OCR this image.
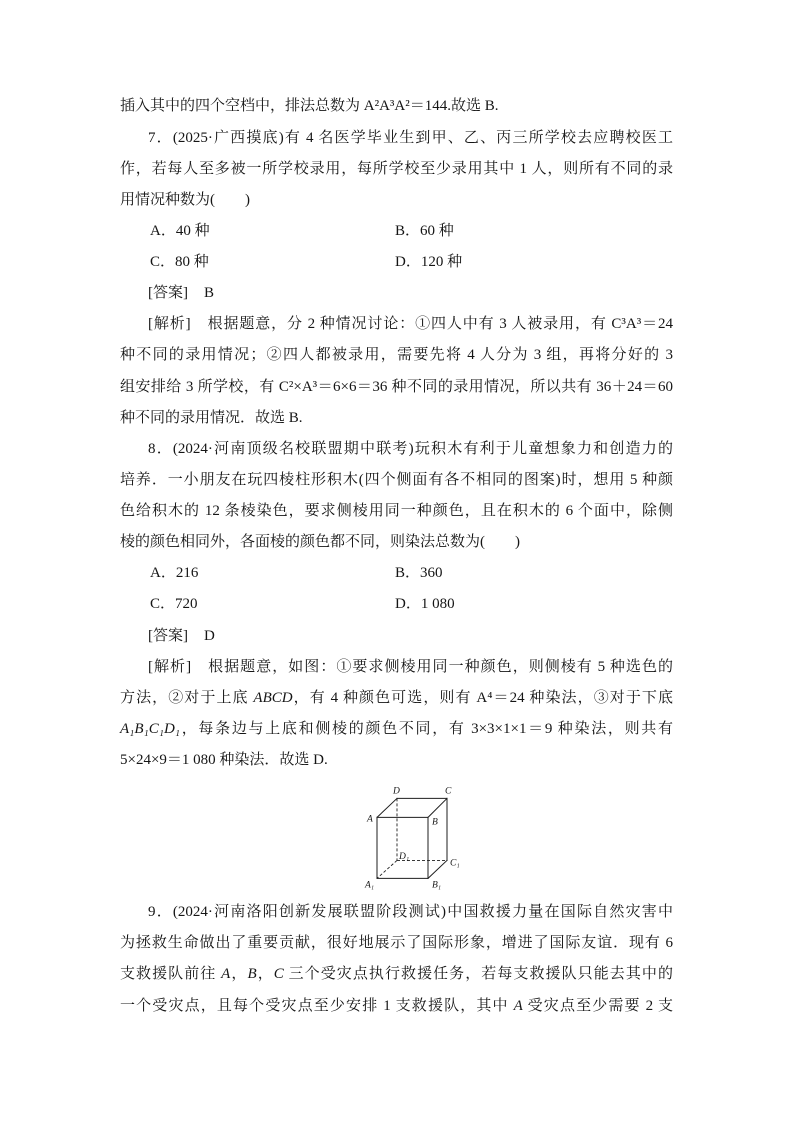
插入其中的四个空档中，排法总数为 A²A³A²＝144.故选 B.
7．(2025·广西摸底)有 4 名医学毕业生到甲、乙、丙三所学校去应聘校医工
作，若每人至多被一所学校录用，每所学校至少录用其中 1 人，则所有不同的录
用情况种数为(　　)
A．40 种	B．60 种
C．80 种	D．120 种
[答案] B
[解析] 根据题意，分 2 种情况讨论：①四人中有 3 人被录用，有 C³A³＝24
种不同的录用情况；②四人都被录用，需要先将 4 人分为 3 组，再将分好的 3
组安排给 3 所学校，有 C²×A³＝6×6＝36 种不同的录用情况，所以共有 36＋24＝60
种不同的录用情况．故选 B.
8．(2024·河南顶级名校联盟期中联考)玩积木有利于儿童想象力和创造力的
培养．一小朋友在玩四棱柱形积木(四个侧面有各不相同的图案)时，想用 5 种颜
色给积木的 12 条棱染色，要求侧棱用同一种颜色，且在积木的 6 个面中，除侧
棱的颜色相同外，各面棱的颜色都不同，则染法总数为(　　)
A．216	B．360
C．720	D．1 080
[答案] D
[解析] 根据题意，如图：①要求侧棱用同一种颜色，则侧棱有 5 种选色的
方法，②对于上底 ABCD，有 4 种颜色可选，则有 A⁴＝24 种染法，③对于下底
A₁B₁C₁D₁，每条边与上底和侧棱的颜色不同，有 3×3×1×1＝9 种染法，则共有
5×24×9＝1 080 种染法．故选 D.
D	C
A	B
D₁
C₁
A₁	B₁
9．(2024·河南洛阳创新发展联盟阶段测试)中国救援力量在国际自然灾害中
为拯救生命做出了重要贡献，很好地展示了国际形象，增进了国际友谊．现有 6
支救援队前往 A，B，C 三个受灾点执行救援任务，若每支救援队只能去其中的
一个受灾点，且每个受灾点至少安排 1 支救援队，其中 A 受灾点至少需要 2 支
